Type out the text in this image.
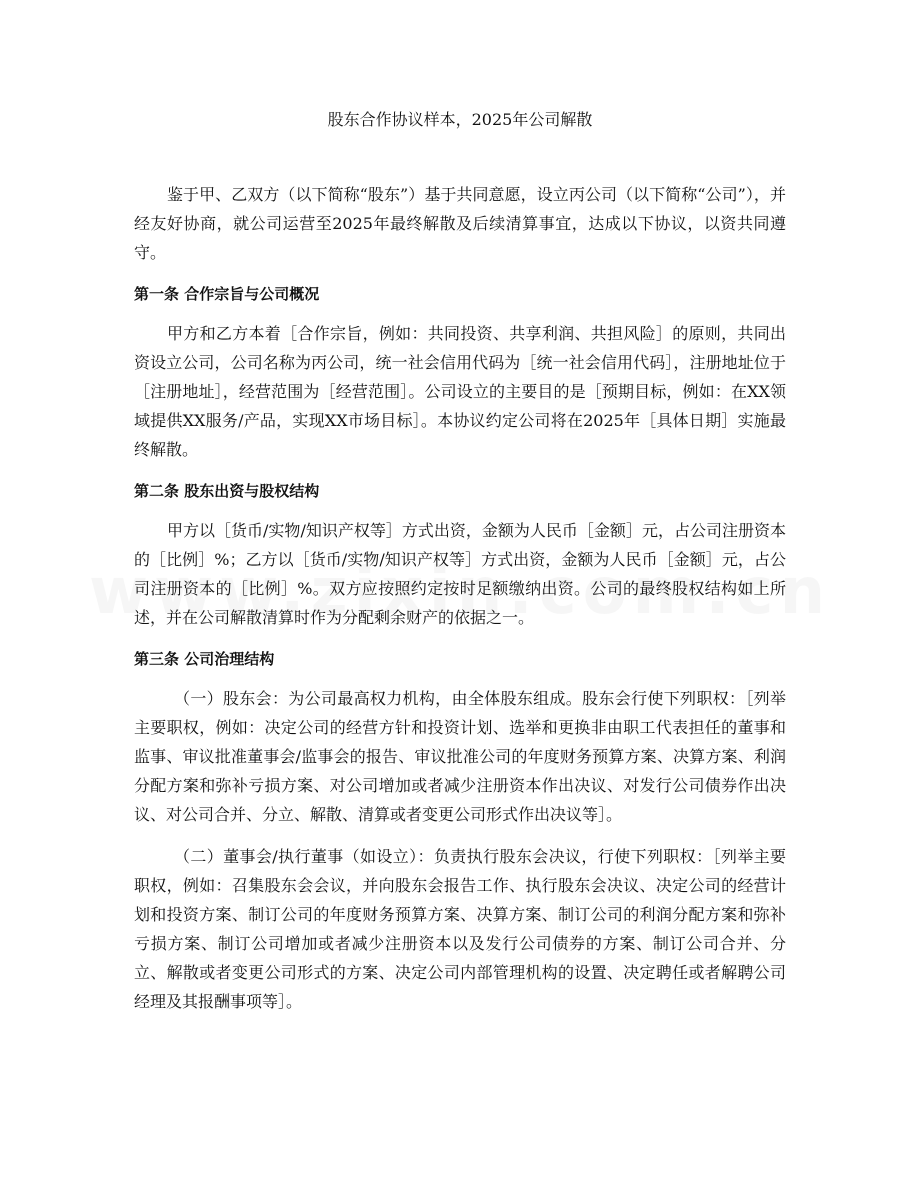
股东合作协议样本，2025年公司解散

鉴于甲、乙双方（以下简称“股东”）基于共同意愿，设立丙公司（以下简称“公司”），并经友好协商，就公司运营至2025年最终解散及后续清算事宜，达成以下协议，以资共同遵守。

第一条 合作宗旨与公司概况

甲方和乙方本着［合作宗旨，例如：共同投资、共享利润、共担风险］的原则，共同出资设立公司，公司名称为丙公司，统一社会信用代码为［统一社会信用代码］，注册地址位于［注册地址］，经营范围为［经营范围］。公司设立的主要目的是［预期目标，例如：在XX领域提供XX服务/产品，实现XX市场目标］。本协议约定公司将在2025年［具体日期］实施最终解散。

第二条 股东出资与股权结构

甲方以［货币/实物/知识产权等］方式出资，金额为人民币［金额］元，占公司注册资本的［比例］%；乙方以［货币/实物/知识产权等］方式出资，金额为人民币［金额］元，占公司注册资本的［比例］%。双方应按照约定按时足额缴纳出资。公司的最终股权结构如上所述，并在公司解散清算时作为分配剩余财产的依据之一。

第三条 公司治理结构

（一）股东会：为公司最高权力机构，由全体股东组成。股东会行使下列职权：［列举主要职权，例如：决定公司的经营方针和投资计划、选举和更换非由职工代表担任的董事和监事、审议批准董事会/监事会的报告、审议批准公司的年度财务预算方案、决算方案、利润分配方案和弥补亏损方案、对公司增加或者减少注册资本作出决议、对发行公司债券作出决议、对公司合并、分立、解散、清算或者变更公司形式作出决议等］。

（二）董事会/执行董事（如设立）：负责执行股东会决议，行使下列职权：［列举主要职权，例如：召集股东会会议，并向股东会报告工作、执行股东会决议、决定公司的经营计划和投资方案、制订公司的年度财务预算方案、决算方案、制订公司的利润分配方案和弥补亏损方案、制订公司增加或者减少注册资本以及发行公司债券的方案、制订公司合并、分立、解散或者变更公司形式的方案、决定公司内部管理机构的设置、决定聘任或者解聘公司经理及其报酬事项等］。
